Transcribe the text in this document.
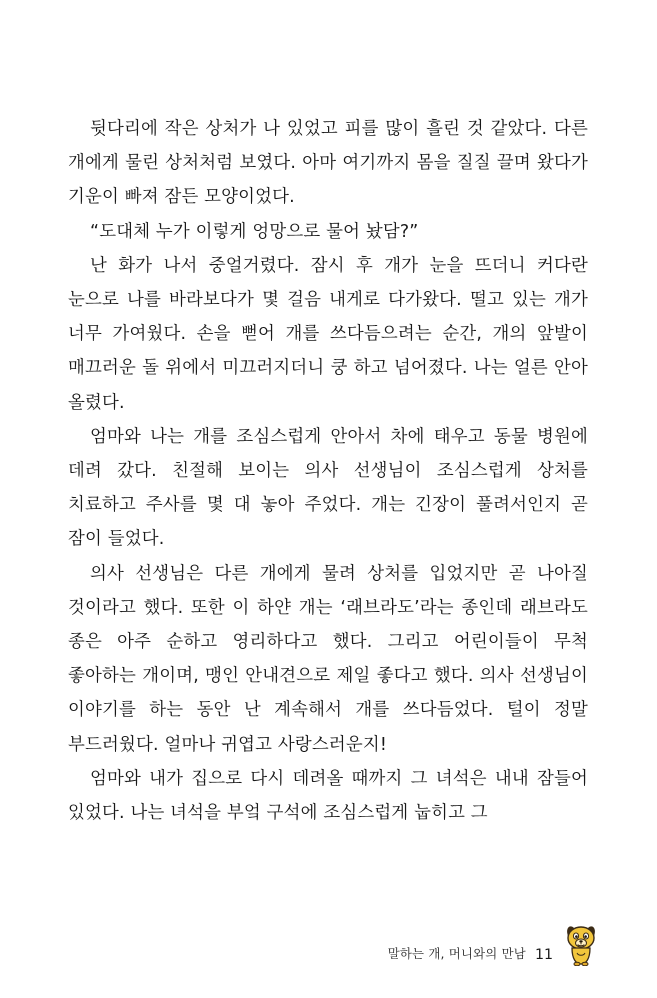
뒷다리에 작은 상처가 나 있었고 피를 많이 흘린 것 같았다. 다른 개에게 물린 상처처럼 보였다. 아마 여기까지 몸을 질질 끌며 왔다가 기운이 빠져 잠든 모양이었다.

“도대체 누가 이렇게 엉망으로 물어 놨담?”

난 화가 나서 중얼거렸다. 잠시 후 개가 눈을 뜨더니 커다란 눈으로 나를 바라보다가 몇 걸음 내게로 다가왔다. 떨고 있는 개가 너무 가여웠다. 손을 뻗어 개를 쓰다듬으려는 순간, 개의 앞발이 매끄러운 돌 위에서 미끄러지더니 쿵 하고 넘어졌다. 나는 얼른 안아 올렸다.

엄마와 나는 개를 조심스럽게 안아서 차에 태우고 동물 병원에 데려 갔다. 친절해 보이는 의사 선생님이 조심스럽게 상처를 치료하고 주사를 몇 대 놓아 주었다. 개는 긴장이 풀려서인지 곧 잠이 들었다.

의사 선생님은 다른 개에게 물려 상처를 입었지만 곧 나아질 것이라고 했다. 또한 이 하얀 개는 ‘래브라도’라는 종인데 래브라도 종은 아주 순하고 영리하다고 했다. 그리고 어린이들이 무척 좋아하는 개이며, 맹인 안내견으로 제일 좋다고 했다. 의사 선생님이 이야기를 하는 동안 난 계속해서 개를 쓰다듬었다. 털이 정말 부드러웠다. 얼마나 귀엽고 사랑스러운지!

엄마와 내가 집으로 다시 데려올 때까지 그 녀석은 내내 잠들어 있었다. 나는 녀석을 부엌 구석에 조심스럽게 눕히고 그

말하는 개, 머니와의 만남 11
